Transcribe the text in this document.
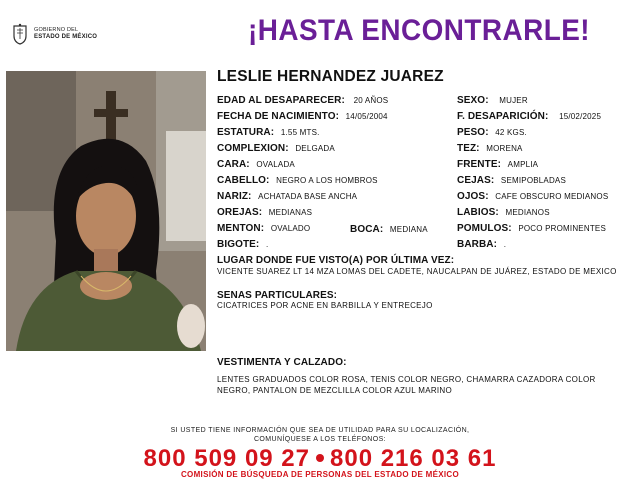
GOBIERNO DEL
ESTADO DE MÉXICO	¡HASTA ENCONTRARLE!
LESLIE HERNANDEZ JUAREZ
EDAD AL DESAPARECER: 20 AÑOS
FECHA DE NACIMIENTO: 14/05/2004
ESTATURA: 1.55 MTS.
COMPLEXION: DELGADA
CARA: OVALADA
CABELLO: NEGRO A LOS HOMBROS
NARIZ: ACHATADA BASE ANCHA
OREJAS: MEDIANAS
MENTON: OVALADO	BOCA: MEDIANA
BIGOTE: .
SEXO: MUJER
F. DESAPARICIÓN: 15/02/2025
PESO: 42 KGS.
TEZ: MORENA
FRENTE: AMPLIA
CEJAS: SEMIPOBLADAS
OJOS: CAFE OBSCURO MEDIANOS
LABIOS: MEDIANOS
POMULOS: POCO PROMINENTES
BARBA: .
LUGAR DONDE FUE VISTO(A) POR ÚLTIMA VEZ:
VICENTE SUAREZ LT 14 MZA LOMAS DEL CADETE, NAUCALPAN DE JUÁREZ, ESTADO DE MEXICO
SENAS PARTICULARES:
CICATRICES POR ACNE EN BARBILLA Y ENTRECEJO
VESTIMENTA Y CALZADO:
LENTES GRADUADOS COLOR ROSA, TENIS COLOR NEGRO, CHAMARRA CAZADORA COLOR NEGRO, PANTALON DE MEZCLILLA COLOR AZUL MARINO
SI USTED TIENE INFORMACIÓN QUE SEA DE UTILIDAD PARA SU LOCALIZACIÓN,
COMUNÍQUESE A LOS TELÉFONOS:
800 509 09 27 800 216 03 61
COMISIÓN DE BÚSQUEDA DE PERSONAS DEL ESTADO DE MÉXICO
